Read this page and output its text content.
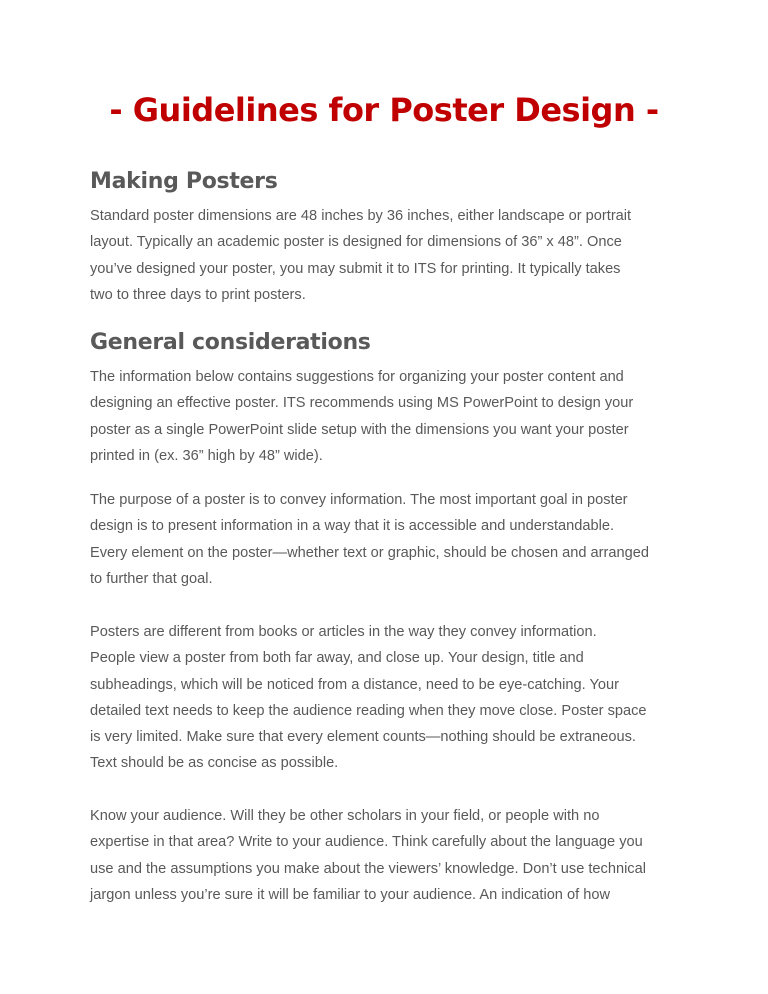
- Guidelines for Poster Design -
Making Posters

Standard poster dimensions are 48 inches by 36 inches, either landscape or portrait
layout. Typically an academic poster is designed for dimensions of 36” x 48”. Once
you’ve designed your poster, you may submit it to ITS for printing. It typically takes
two to three days to print posters.

General considerations

The information below contains suggestions for organizing your poster content and
designing an effective poster. ITS recommends using MS PowerPoint to design your
poster as a single PowerPoint slide setup with the dimensions you want your poster
printed in (ex. 36” high by 48” wide).

The purpose of a poster is to convey information. The most important goal in poster
design is to present information in a way that it is accessible and understandable.
Every element on the poster—whether text or graphic, should be chosen and arranged
to further that goal.

Posters are different from books or articles in the way they convey information.
People view a poster from both far away, and close up. Your design, title and
subheadings, which will be noticed from a distance, need to be eye-catching. Your
detailed text needs to keep the audience reading when they move close. Poster space
is very limited. Make sure that every element counts—nothing should be extraneous.
Text should be as concise as possible.

Know your audience. Will they be other scholars in your field, or people with no
expertise in that area? Write to your audience. Think carefully about the language you
use and the assumptions you make about the viewers’ knowledge. Don’t use technical
jargon unless you’re sure it will be familiar to your audience. An indication of how
